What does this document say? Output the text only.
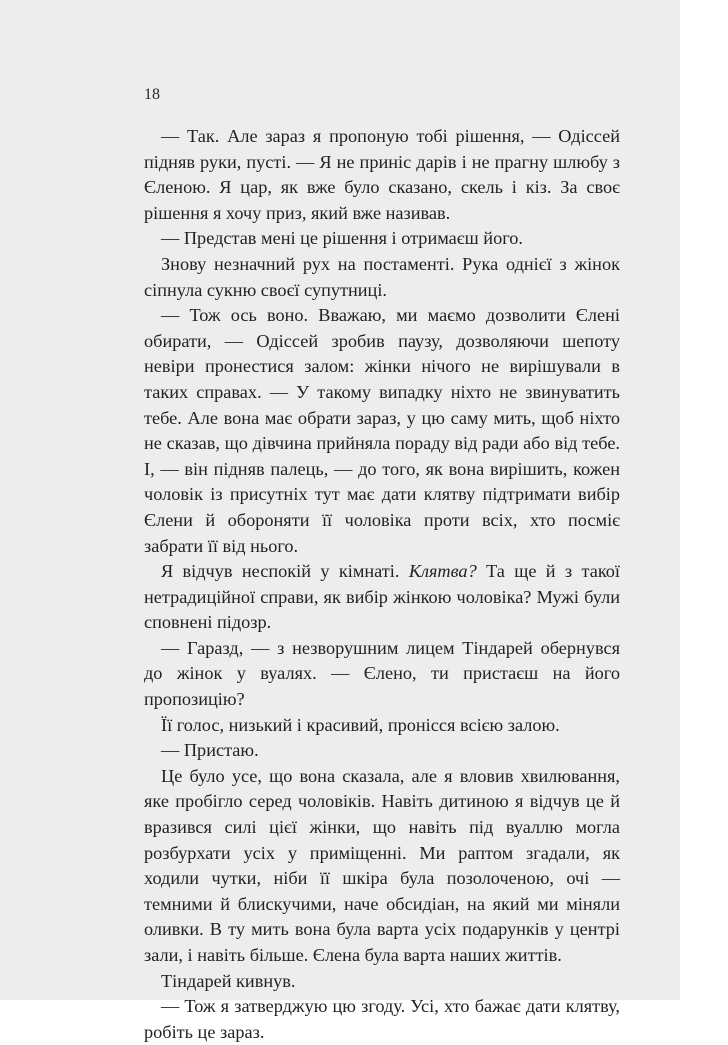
18

— Так. Але зараз я пропоную тобі рішення, — Одіссей підняв руки, пусті. — Я не приніс дарів і не прагну шлюбу з Єленою. Я цар, як вже було сказано, скель і кіз. За своє рішення я хочу приз, який вже називав.

— Представ мені це рішення і отримаєш його.

Знову незначний рух на постаменті. Рука однієї з жінок сіпнула сукню своєї супутниці.

— Тож ось воно. Вважаю, ми маємо дозволити Єлені обирати, — Одіссей зробив паузу, дозволяючи шепоту невіри пронестися залом: жінки нічого не вирішували в таких справах. — У такому випадку ніхто не звинуватить тебе. Але вона має обрати зараз, у цю саму мить, щоб ніхто не сказав, що дівчина прийняла пораду від ради або від тебе. І, — він підняв палець, — до того, як вона вирішить, кожен чоловік із присутніх тут має дати клятву підтримати вибір Єлени й обороняти її чоловіка проти всіх, хто посміє забрати її від нього.

Я відчув неспокій у кімнаті. Клятва? Та ще й з такої нетрадиційної справи, як вибір жінкою чоловіка? Мужі були сповнені підозр.

— Гаразд, — з незворушним лицем Тіндарей обернувся до жінок у вуалях. — Єлено, ти пристаєш на його пропозицію?

Її голос, низький і красивий, пронісся всією залою.

— Пристаю.

Це було усе, що вона сказала, але я вловив хвилювання, яке пробігло серед чоловіків. Навіть дитиною я відчув це й вразився силі цієї жінки, що навіть під вуаллю могла розбурхати усіх у приміщенні. Ми раптом згадали, як ходили чутки, ніби її шкіра була позолоченою, очі — темними й блискучими, наче обсидіан, на який ми міняли оливки. В ту мить вона була варта усіх подарунків у центрі зали, і навіть більше. Єлена була варта наших життів.

Тіндарей кивнув.

— Тож я затверджую цю згоду. Усі, хто бажає дати клятву, робіть це зараз.
